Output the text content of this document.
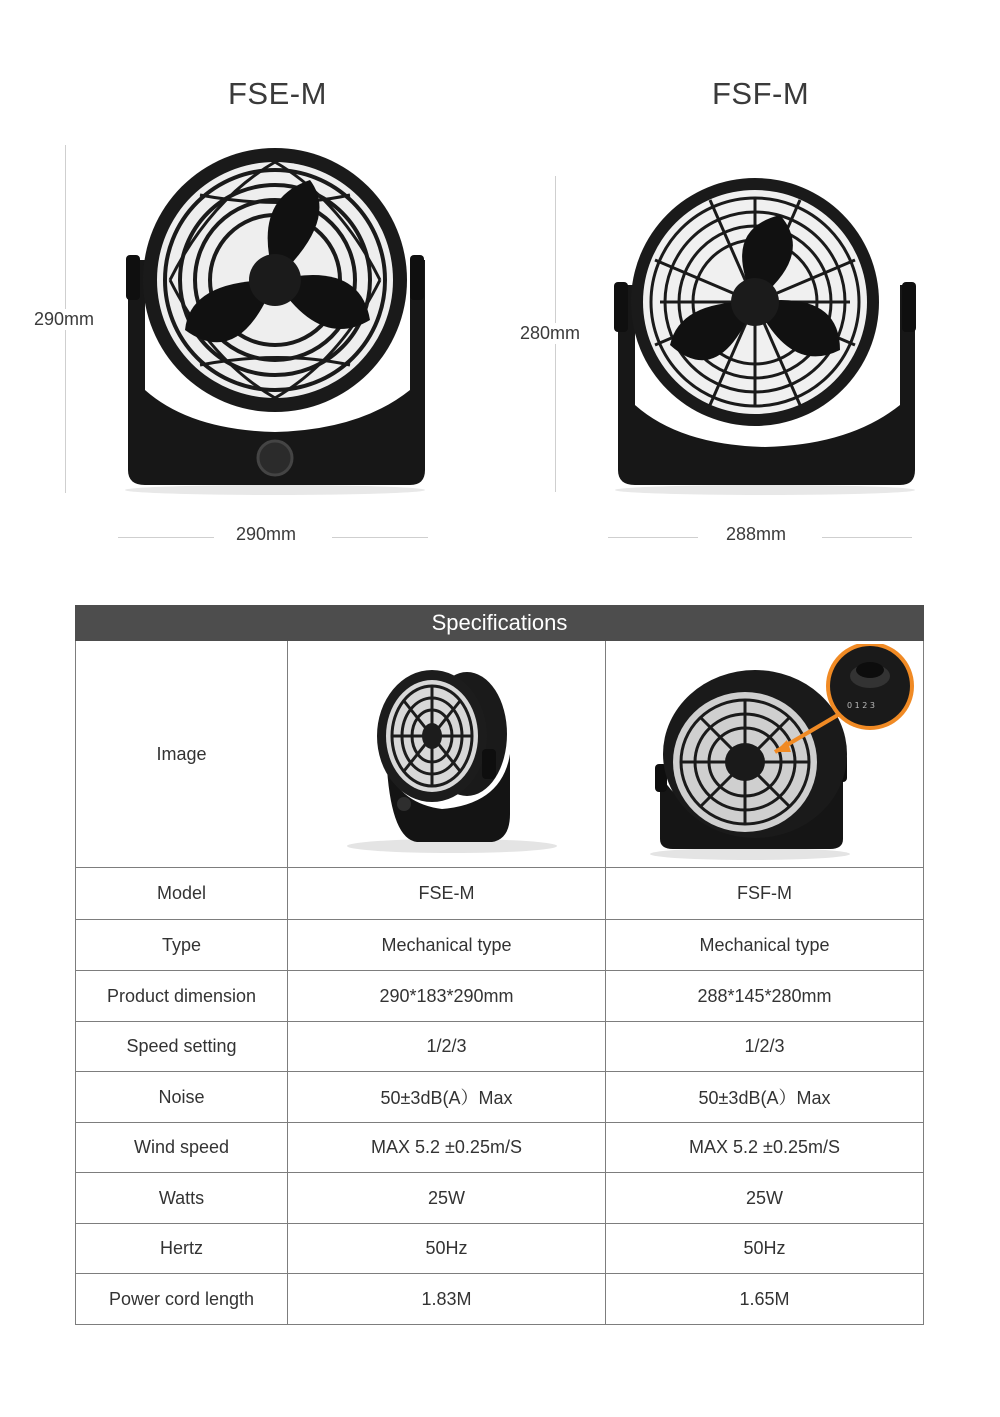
FSE-M	FSF-M
290mm
290mm
280mm
288mm
Specifications		
Image		0 1 2 3

Model	FSE-M	FSF-M
Type	Mechanical type	Mechanical type
Product dimension	290*183*290mm	288*145*280mm
Speed setting	1/2/3	1/2/3
Noise	50±3dB(A）Max	50±3dB(A）Max
Wind speed	MAX 5.2 ±0.25m/S	MAX 5.2 ±0.25m/S
Watts	25W	25W
Hertz	50Hz	50Hz
Power cord length	1.83M	1.65M
